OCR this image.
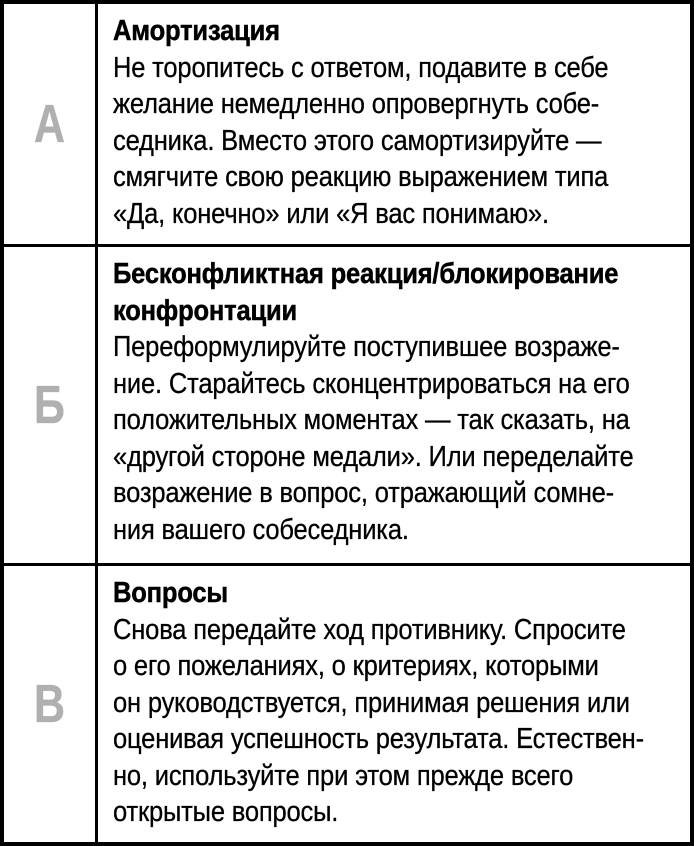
А
Амортизация
Не торопитесь с ответом, подавите в себе
желание немедленно опровергнуть собе-
седника. Вместо этого самортизируйте —
смягчите свою реакцию выражением типа
«Да, конечно» или «Я вас понимаю».
Б
Бесконфликтная реакция/блокирование
конфронтации
Переформулируйте поступившее возраже-
ние. Старайтесь сконцентрироваться на его
положительных моментах — так сказать, на
«другой стороне медали». Или переделайте
возражение в вопрос, отражающий сомне-
ния вашего собеседника.
В
Вопросы
Снова передайте ход противнику. Спросите
о его пожеланиях, о критериях, которыми
он руководствуется, принимая решения или
оценивая успешность результата. Естествен-
но, используйте при этом прежде всего
открытые вопросы.
